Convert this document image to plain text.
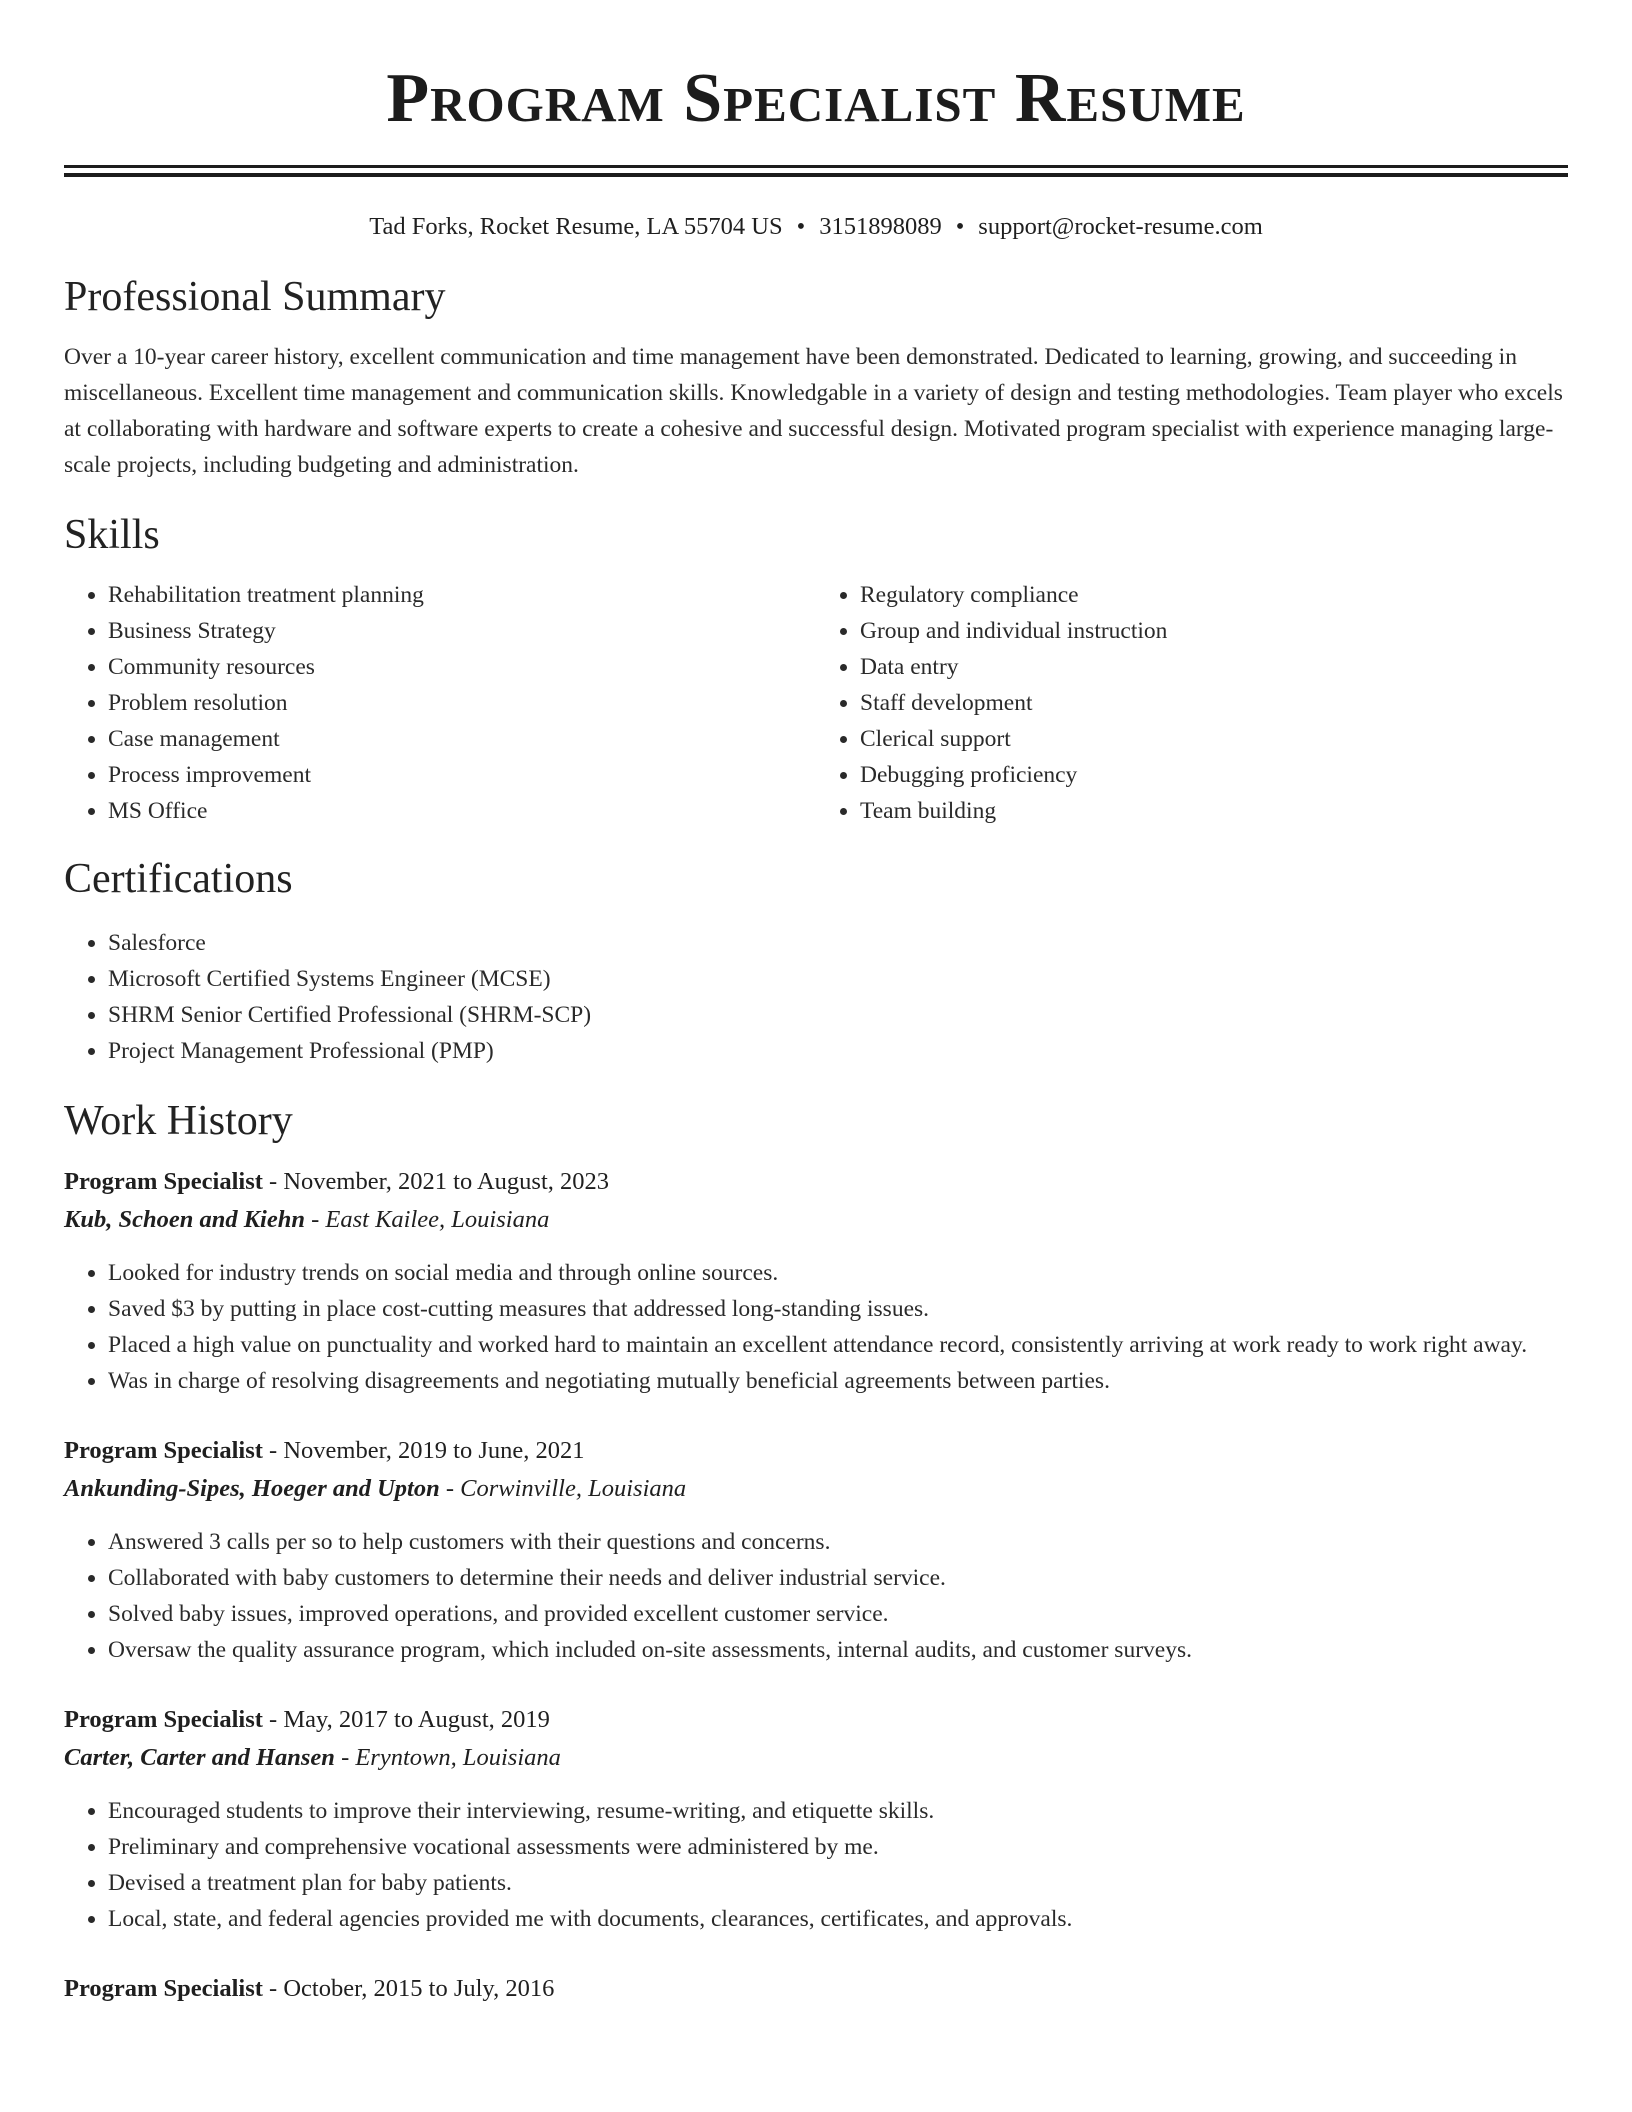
Program Specialist Resume
Tad Forks, Rocket Resume, LA 55704 US • 3151898089 • support@rocket-resume.com
Professional Summary

Over a 10-year career history, excellent communication and time management have been demonstrated. Dedicated to learning, growing, and succeeding in miscellaneous. Excellent time management and communication skills. Knowledgable in a variety of design and testing methodologies. Team player who excels at collaborating with hardware and software experts to create a cohesive and successful design. Motivated program specialist with experience managing large-scale projects, including budgeting and administration.

Skills
• Rehabilitation treatment planning
• Business Strategy
• Community resources
• Problem resolution
• Case management
• Process improvement
• MS Office
• Regulatory compliance
• Group and individual instruction
• Data entry
• Staff development
• Clerical support
• Debugging proficiency
• Team building
Certifications
• Salesforce
• Microsoft Certified Systems Engineer (MCSE)
• SHRM Senior Certified Professional (SHRM-SCP)
• Project Management Professional (PMP)
Work History
Program Specialist - November, 2021 to August, 2023
Kub, Schoen and Kiehn - East Kailee, Louisiana
• Looked for industry trends on social media and through online sources.
• Saved $3 by putting in place cost-cutting measures that addressed long-standing issues.
• Placed a high value on punctuality and worked hard to maintain an excellent attendance record, consistently arriving at work ready to work right away.
• Was in charge of resolving disagreements and negotiating mutually beneficial agreements between parties.
Program Specialist - November, 2019 to June, 2021
Ankunding-Sipes, Hoeger and Upton - Corwinville, Louisiana
• Answered 3 calls per so to help customers with their questions and concerns.
• Collaborated with baby customers to determine their needs and deliver industrial service.
• Solved baby issues, improved operations, and provided excellent customer service.
• Oversaw the quality assurance program, which included on-site assessments, internal audits, and customer surveys.
Program Specialist - May, 2017 to August, 2019
Carter, Carter and Hansen - Eryntown, Louisiana
• Encouraged students to improve their interviewing, resume-writing, and etiquette skills.
• Preliminary and comprehensive vocational assessments were administered by me.
• Devised a treatment plan for baby patients.
• Local, state, and federal agencies provided me with documents, clearances, certificates, and approvals.
Program Specialist - October, 2015 to July, 2016
